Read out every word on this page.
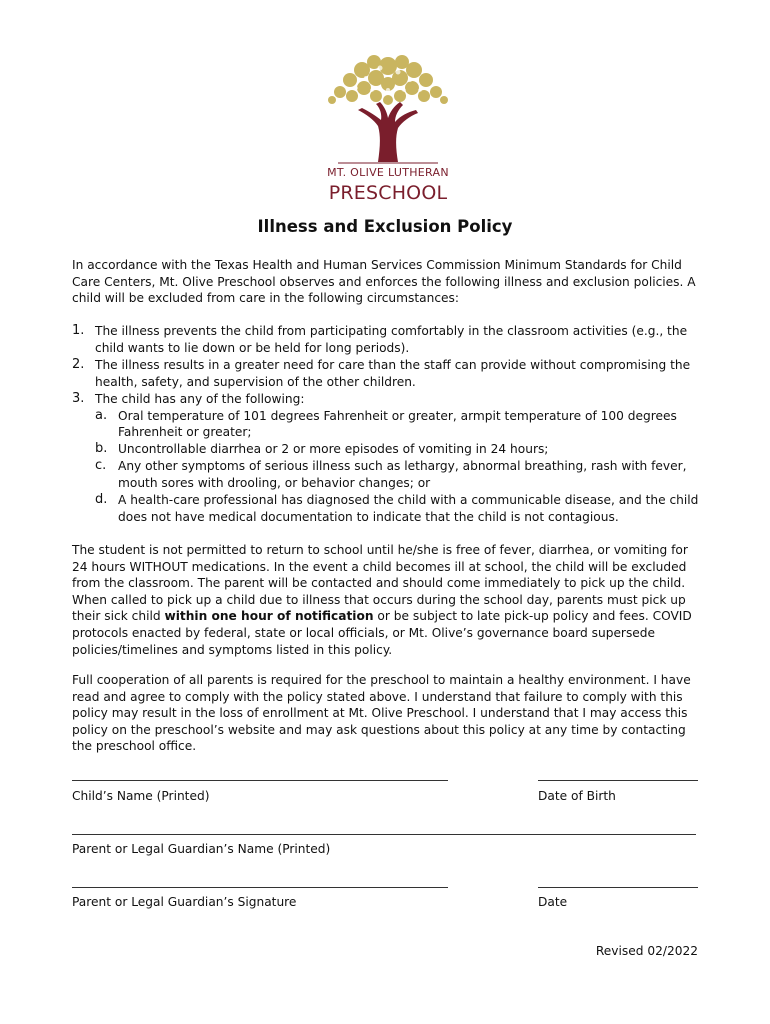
MT. OLIVE LUTHERAN
PRESCHOOL
Illness and Exclusion Policy
In accordance with the Texas Health and Human Services Commission Minimum Standards for Child Care Centers, Mt. Olive Preschool observes and enforces the following illness and exclusion policies. A child will be excluded from care in the following circumstances:
1. The illness prevents the child from participating comfortably in the classroom activities (e.g., the child wants to lie down or be held for long periods).
2. The illness results in a greater need for care than the staff can provide without compromising the health, safety, and supervision of the other children.
3. The child has any of the following:
a. Oral temperature of 101 degrees Fahrenheit or greater, armpit temperature of 100 degrees Fahrenheit or greater;
b. Uncontrollable diarrhea or 2 or more episodes of vomiting in 24 hours;
c. Any other symptoms of serious illness such as lethargy, abnormal breathing, rash with fever, mouth sores with drooling, or behavior changes; or
d. A health-care professional has diagnosed the child with a communicable disease, and the child does not have medical documentation to indicate that the child is not contagious.
The student is not permitted to return to school until he/she is free of fever, diarrhea, or vomiting for 24 hours WITHOUT medications. In the event a child becomes ill at school, the child will be excluded from the classroom. The parent will be contacted and should come immediately to pick up the child. When called to pick up a child due to illness that occurs during the school day, parents must pick up their sick child within one hour of notification or be subject to late pick-up policy and fees. COVID protocols enacted by federal, state or local officials, or Mt. Olive’s governance board supersede policies/timelines and symptoms listed in this policy.
Full cooperation of all parents is required for the preschool to maintain a healthy environment. I have read and agree to comply with the policy stated above. I understand that failure to comply with this policy may result in the loss of enrollment at Mt. Olive Preschool. I understand that I may access this policy on the preschool’s website and may ask questions about this policy at any time by contacting the preschool office.
Child’s Name (Printed)	Date of Birth
Parent or Legal Guardian’s Name (Printed)
Parent or Legal Guardian’s Signature	Date
Revised 02/2022
